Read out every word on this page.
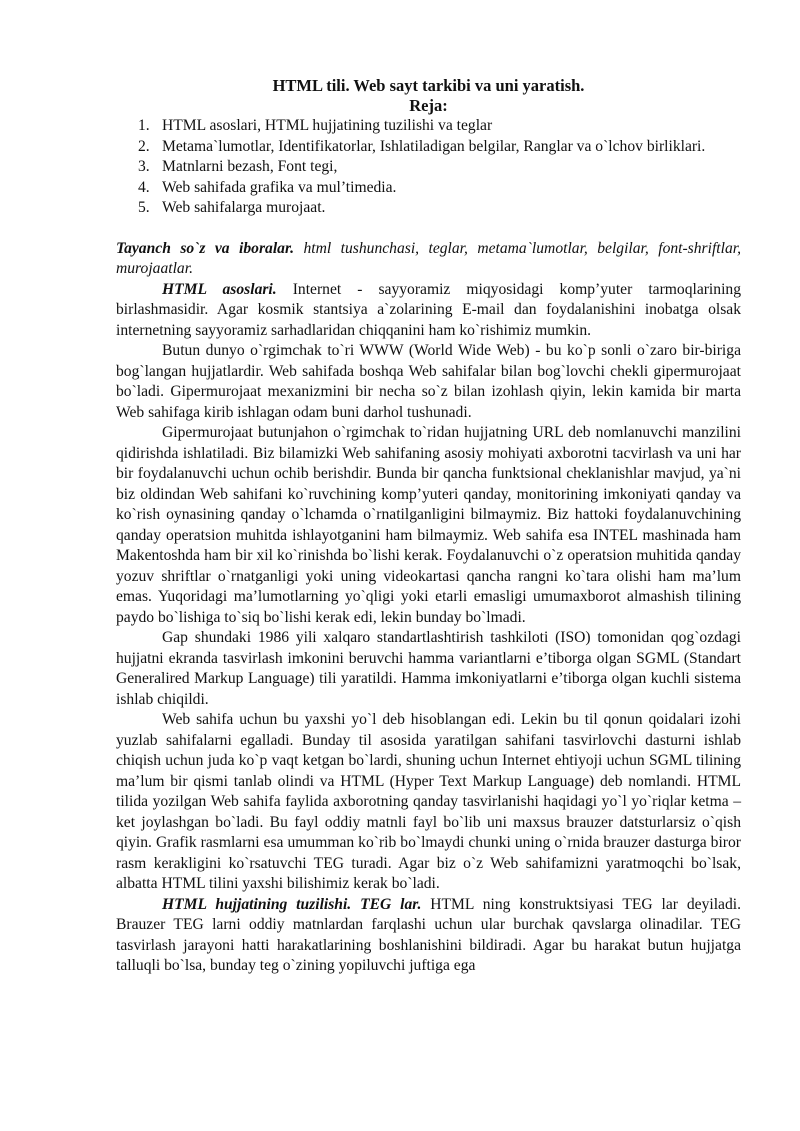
HTML tili. Web sayt tarkibi va uni yaratish.

Reja:

1. HTML asoslari, HTML hujjatining tuzilishi va teglar
2. Metama`lumotlar, Identifikatorlar, Ishlatiladigan belgilar, Ranglar va o`lchov birliklari.
3. Matnlarni bezash, Font tegi,
4. Web sahifada grafika va mul’timedia.
5. Web sahifalarga murojaat.

Tayanch so`z va iboralar. html tushunchasi, teglar, metama`lumotlar, belgilar, font-shriftlar, murojaatlar.

HTML asoslari. Internet - sayyoramiz miqyosidagi komp’yuter tarmoqlarining birlashmasidir. Agar kosmik stantsiya a`zolarining E-mail dan foydalanishini inobatga olsak internetning sayyoramiz sarhadlaridan chiqqanini ham ko`rishimiz mumkin.

Butun dunyo o`rgimchak to`ri WWW (World Wide Web) - bu ko`p sonli o`zaro bir-biriga bog`langan hujjatlardir. Web sahifada boshqa Web sahifalar bilan bog`lovchi chekli gipermurojaat bo`ladi. Gipermurojaat mexanizmini bir necha so`z bilan izohlash qiyin, lekin kamida bir marta Web sahifaga kirib ishlagan odam buni darhol tushunadi.

Gipermurojaat butunjahon o`rgimchak to`ridan hujjatning URL deb nomlanuvchi manzilini qidirishda ishlatiladi. Biz bilamizki Web sahifaning asosiy mohiyati axborotni tacvirlash va uni har bir foydalanuvchi uchun ochib berishdir. Bunda bir qancha funktsional cheklanishlar mavjud, ya`ni biz oldindan Web sahifani ko`ruvchining komp’yuteri qanday, monitorining imkoniyati qanday va ko`rish oynasining qanday o`lchamda o`rnatilganligini bilmaymiz. Biz hattoki foydalanuvchining qanday operatsion muhitda ishlayotganini ham bilmaymiz. Web sahifa esa INTEL mashinada ham Makentoshda ham bir xil ko`rinishda bo`lishi kerak. Foydalanuvchi o`z operatsion muhitida qanday yozuv shriftlar o`rnatganligi yoki uning videokartasi qancha rangni ko`tara olishi ham ma’lum emas. Yuqoridagi ma’lumotlarning yo`qligi yoki etarli emasligi umumaxborot almashish tilining paydo bo`lishiga to`siq bo`lishi kerak edi, lekin bunday bo`lmadi.

Gap shundaki 1986 yili xalqaro standartlashtirish tashkiloti (ISO) tomonidan qog`ozdagi hujjatni ekranda tasvirlash imkonini beruvchi hamma variantlarni e’tiborga olgan SGML (Standart Generalired Markup Language) tili yaratildi. Hamma imkoniyatlarni e’tiborga olgan kuchli sistema ishlab chiqildi.

Web sahifa uchun bu yaxshi yo`l deb hisoblangan edi. Lekin bu til qonun qoidalari izohi yuzlab sahifalarni egalladi. Bunday til asosida yaratilgan sahifani tasvirlovchi dasturni ishlab chiqish uchun juda ko`p vaqt ketgan bo`lardi, shuning uchun Internet ehtiyoji uchun SGML tilining ma’lum bir qismi tanlab olindi va HTML (Hyper Text Markup Language) deb nomlandi. HTML tilida yozilgan Web sahifa faylida axborotning qanday tasvirlanishi haqidagi yo`l yo`riqlar ketma – ket joylashgan bo`ladi. Bu fayl oddiy matnli fayl bo`lib uni maxsus brauzer datsturlarsiz o`qish qiyin. Grafik rasmlarni esa umumman ko`rib bo`lmaydi chunki uning o`rnida brauzer dasturga biror rasm kerakligini ko`rsatuvchi TEG turadi. Agar biz o`z Web sahifamizni yaratmoqchi bo`lsak, albatta HTML tilini yaxshi bilishimiz kerak bo`ladi.

HTML hujjatining tuzilishi. TEG lar. HTML ning konstruktsiyasi TEG lar deyiladi. Brauzer TEG larni oddiy matnlardan farqlashi uchun ular burchak qavslarga olinadilar. TEG tasvirlash jarayoni hatti harakatlarining boshlanishini bildiradi. Agar bu harakat butun hujjatga talluqli bo`lsa, bunday teg o`zining yopiluvchi juftiga ega
